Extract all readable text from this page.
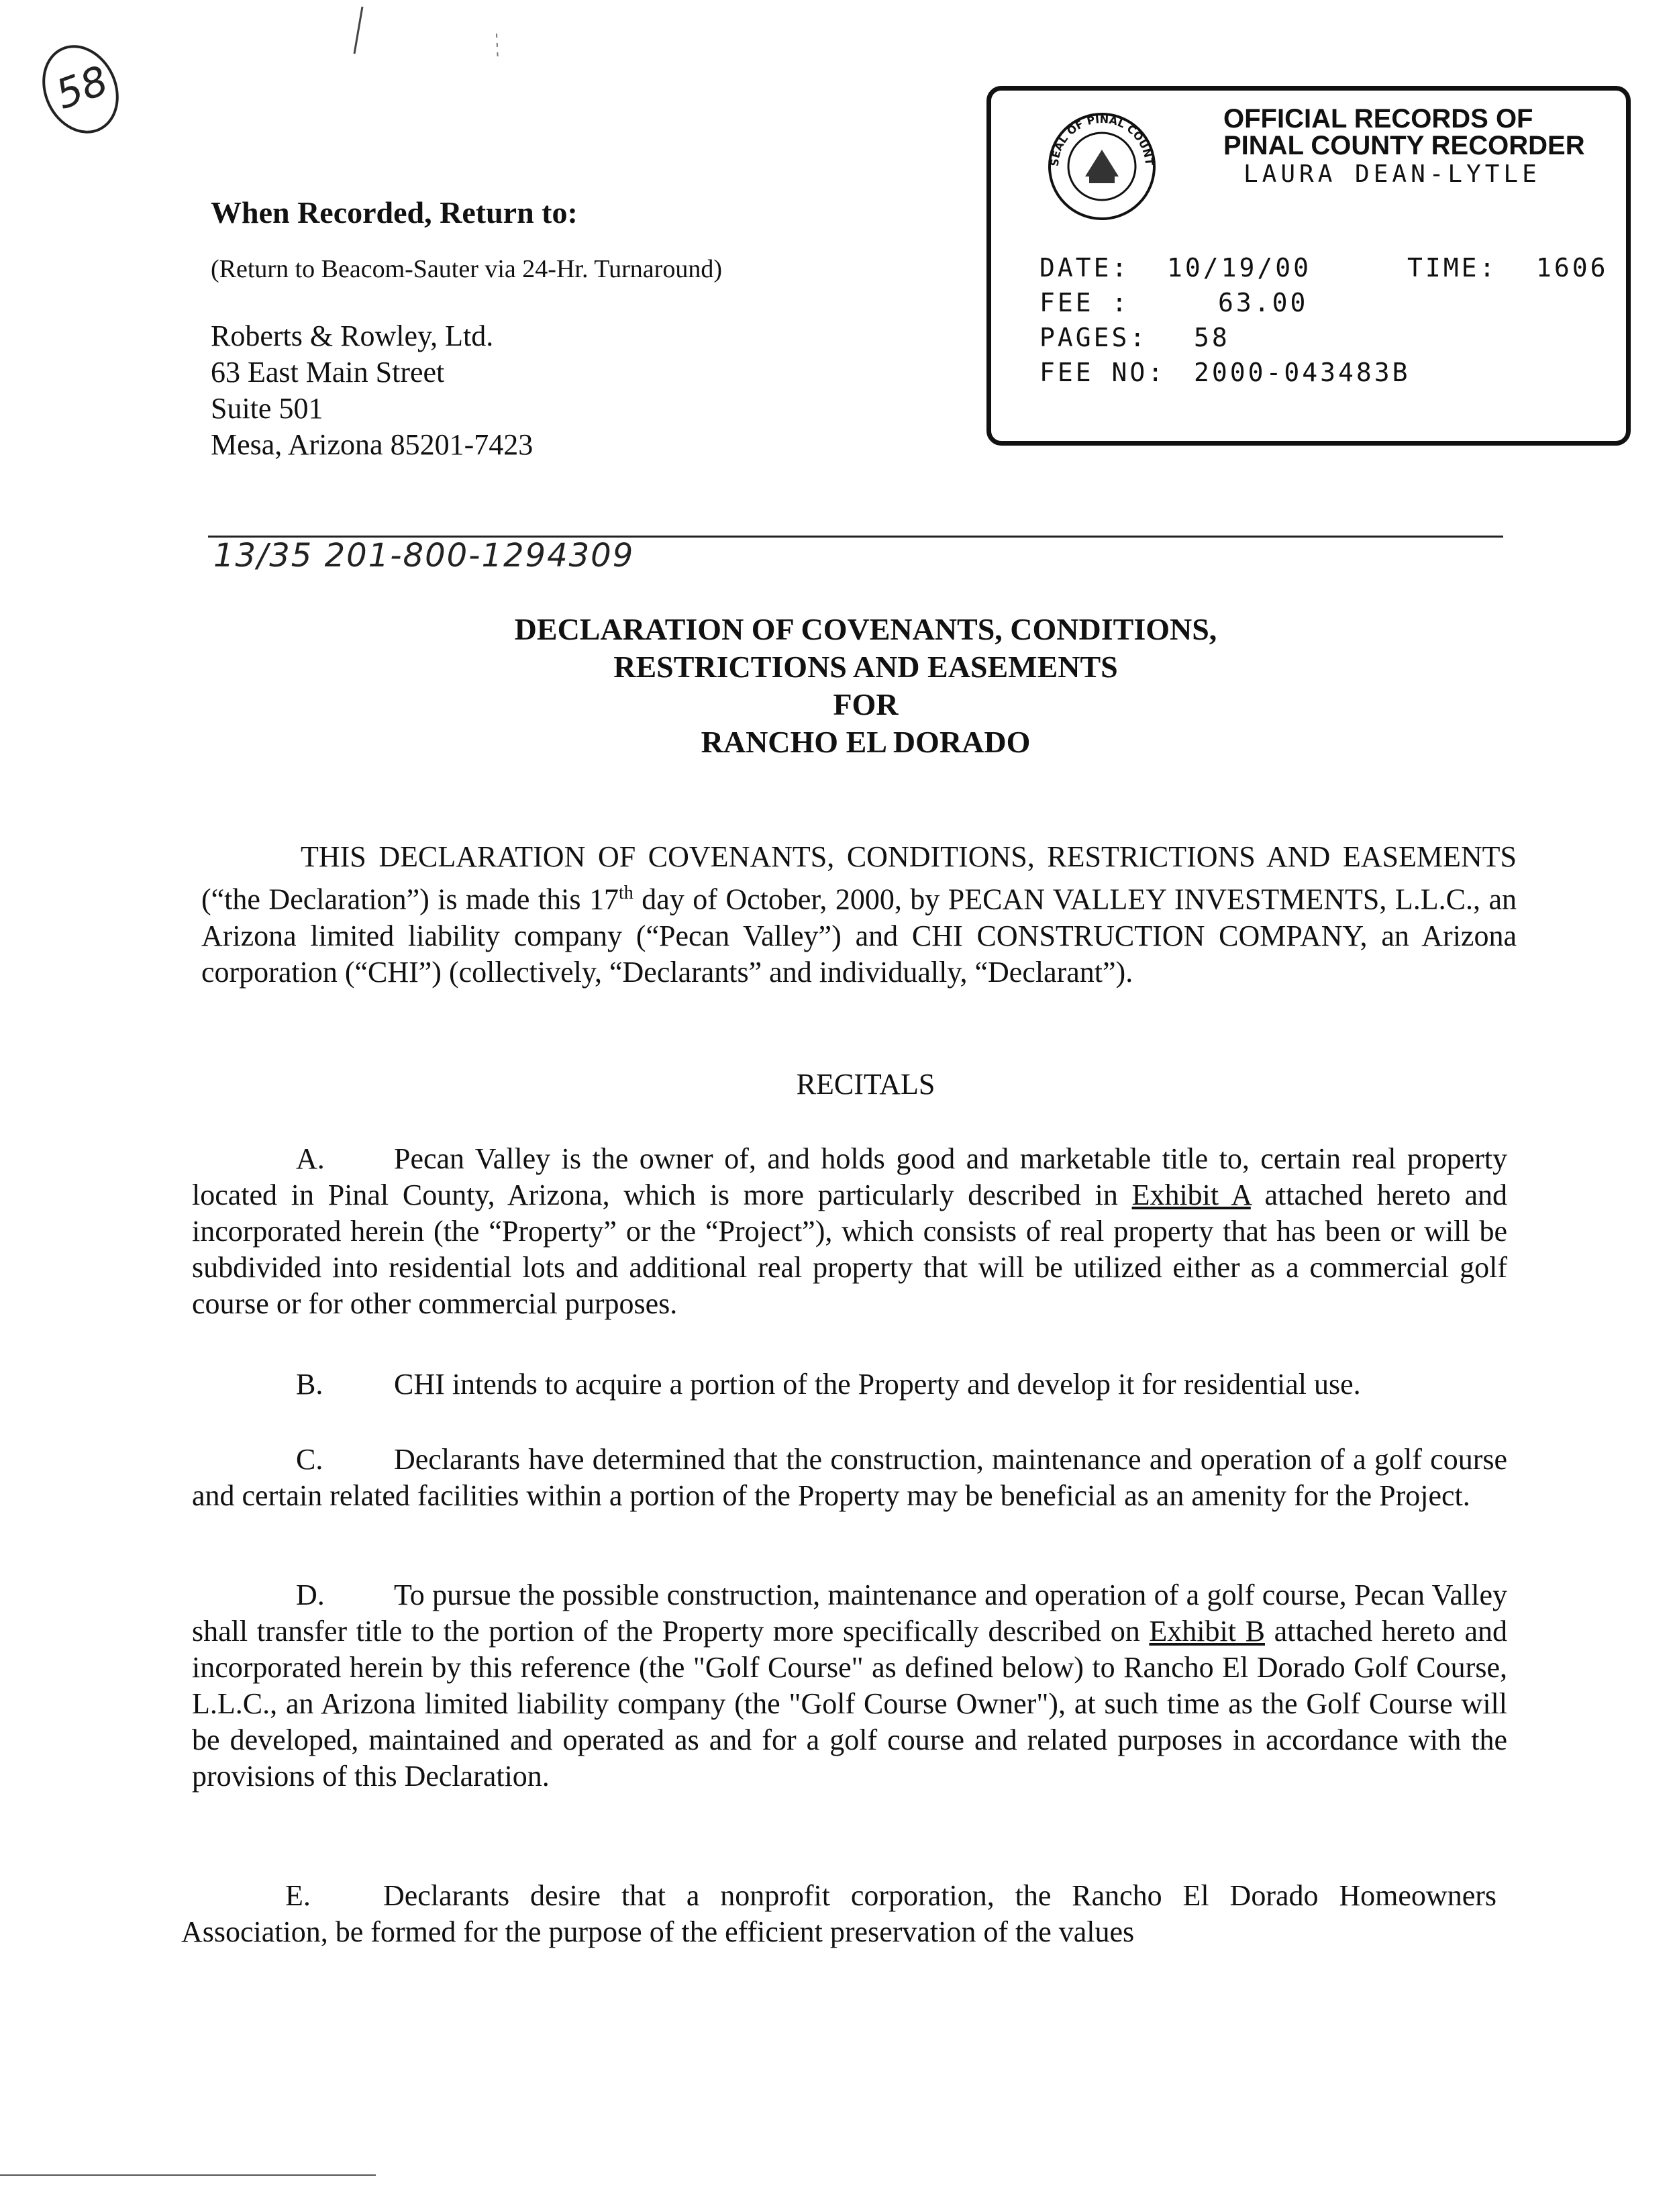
58
When Recorded, Return to:
(Return to Beacom-Sauter via 24-Hr. Turnaround)
Roberts & Rowley, Ltd.
63 East Main Street
Suite 501
Mesa, Arizona 85201-7423
SEAL OF PINAL COUNT
OFFICIAL RECORDS OF
PINAL COUNTY RECORDER
LAURA DEAN-LYTLE
DATE: 10/19/00	TIME: 1606
FEE :	63.00
PAGES: 58
FEE NO: 2000-043483B
13/35 201-800-1294309
DECLARATION OF COVENANTS, CONDITIONS,
RESTRICTIONS AND EASEMENTS
FOR
RANCHO EL DORADO
THIS DECLARATION OF COVENANTS, CONDITIONS, RESTRICTIONS AND EASEMENTS (“the Declaration”) is made this 17th day of October, 2000, by PECAN VALLEY INVESTMENTS, L.L.C., an Arizona limited liability company (“Pecan Valley”) and CHI CONSTRUCTION COMPANY, an Arizona corporation (“CHI”) (collectively, “Declarants” and individually, “Declarant”).
RECITALS
A. Pecan Valley is the owner of, and holds good and marketable title to, certain real property located in Pinal County, Arizona, which is more particularly described in Exhibit A attached hereto and incorporated herein (the “Property” or the “Project”), which consists of real property that has been or will be subdivided into residential lots and additional real property that will be utilized either as a commercial golf course or for other commercial purposes.
B. CHI intends to acquire a portion of the Property and develop it for residential use.
C. Declarants have determined that the construction, maintenance and operation of a golf course and certain related facilities within a portion of the Property may be beneficial as an amenity for the Project.
D. To pursue the possible construction, maintenance and operation of a golf course, Pecan Valley shall transfer title to the portion of the Property more specifically described on Exhibit B attached hereto and incorporated herein by this reference (the "Golf Course" as defined below) to Rancho El Dorado Golf Course, L.L.C., an Arizona limited liability company (the "Golf Course Owner"), at such time as the Golf Course will be developed, maintained and operated as and for a golf course and related purposes in accordance with the provisions of this Declaration.
E. Declarants desire that a nonprofit corporation, the Rancho El Dorado Homeowners Association, be formed for the purpose of the efficient preservation of the values
